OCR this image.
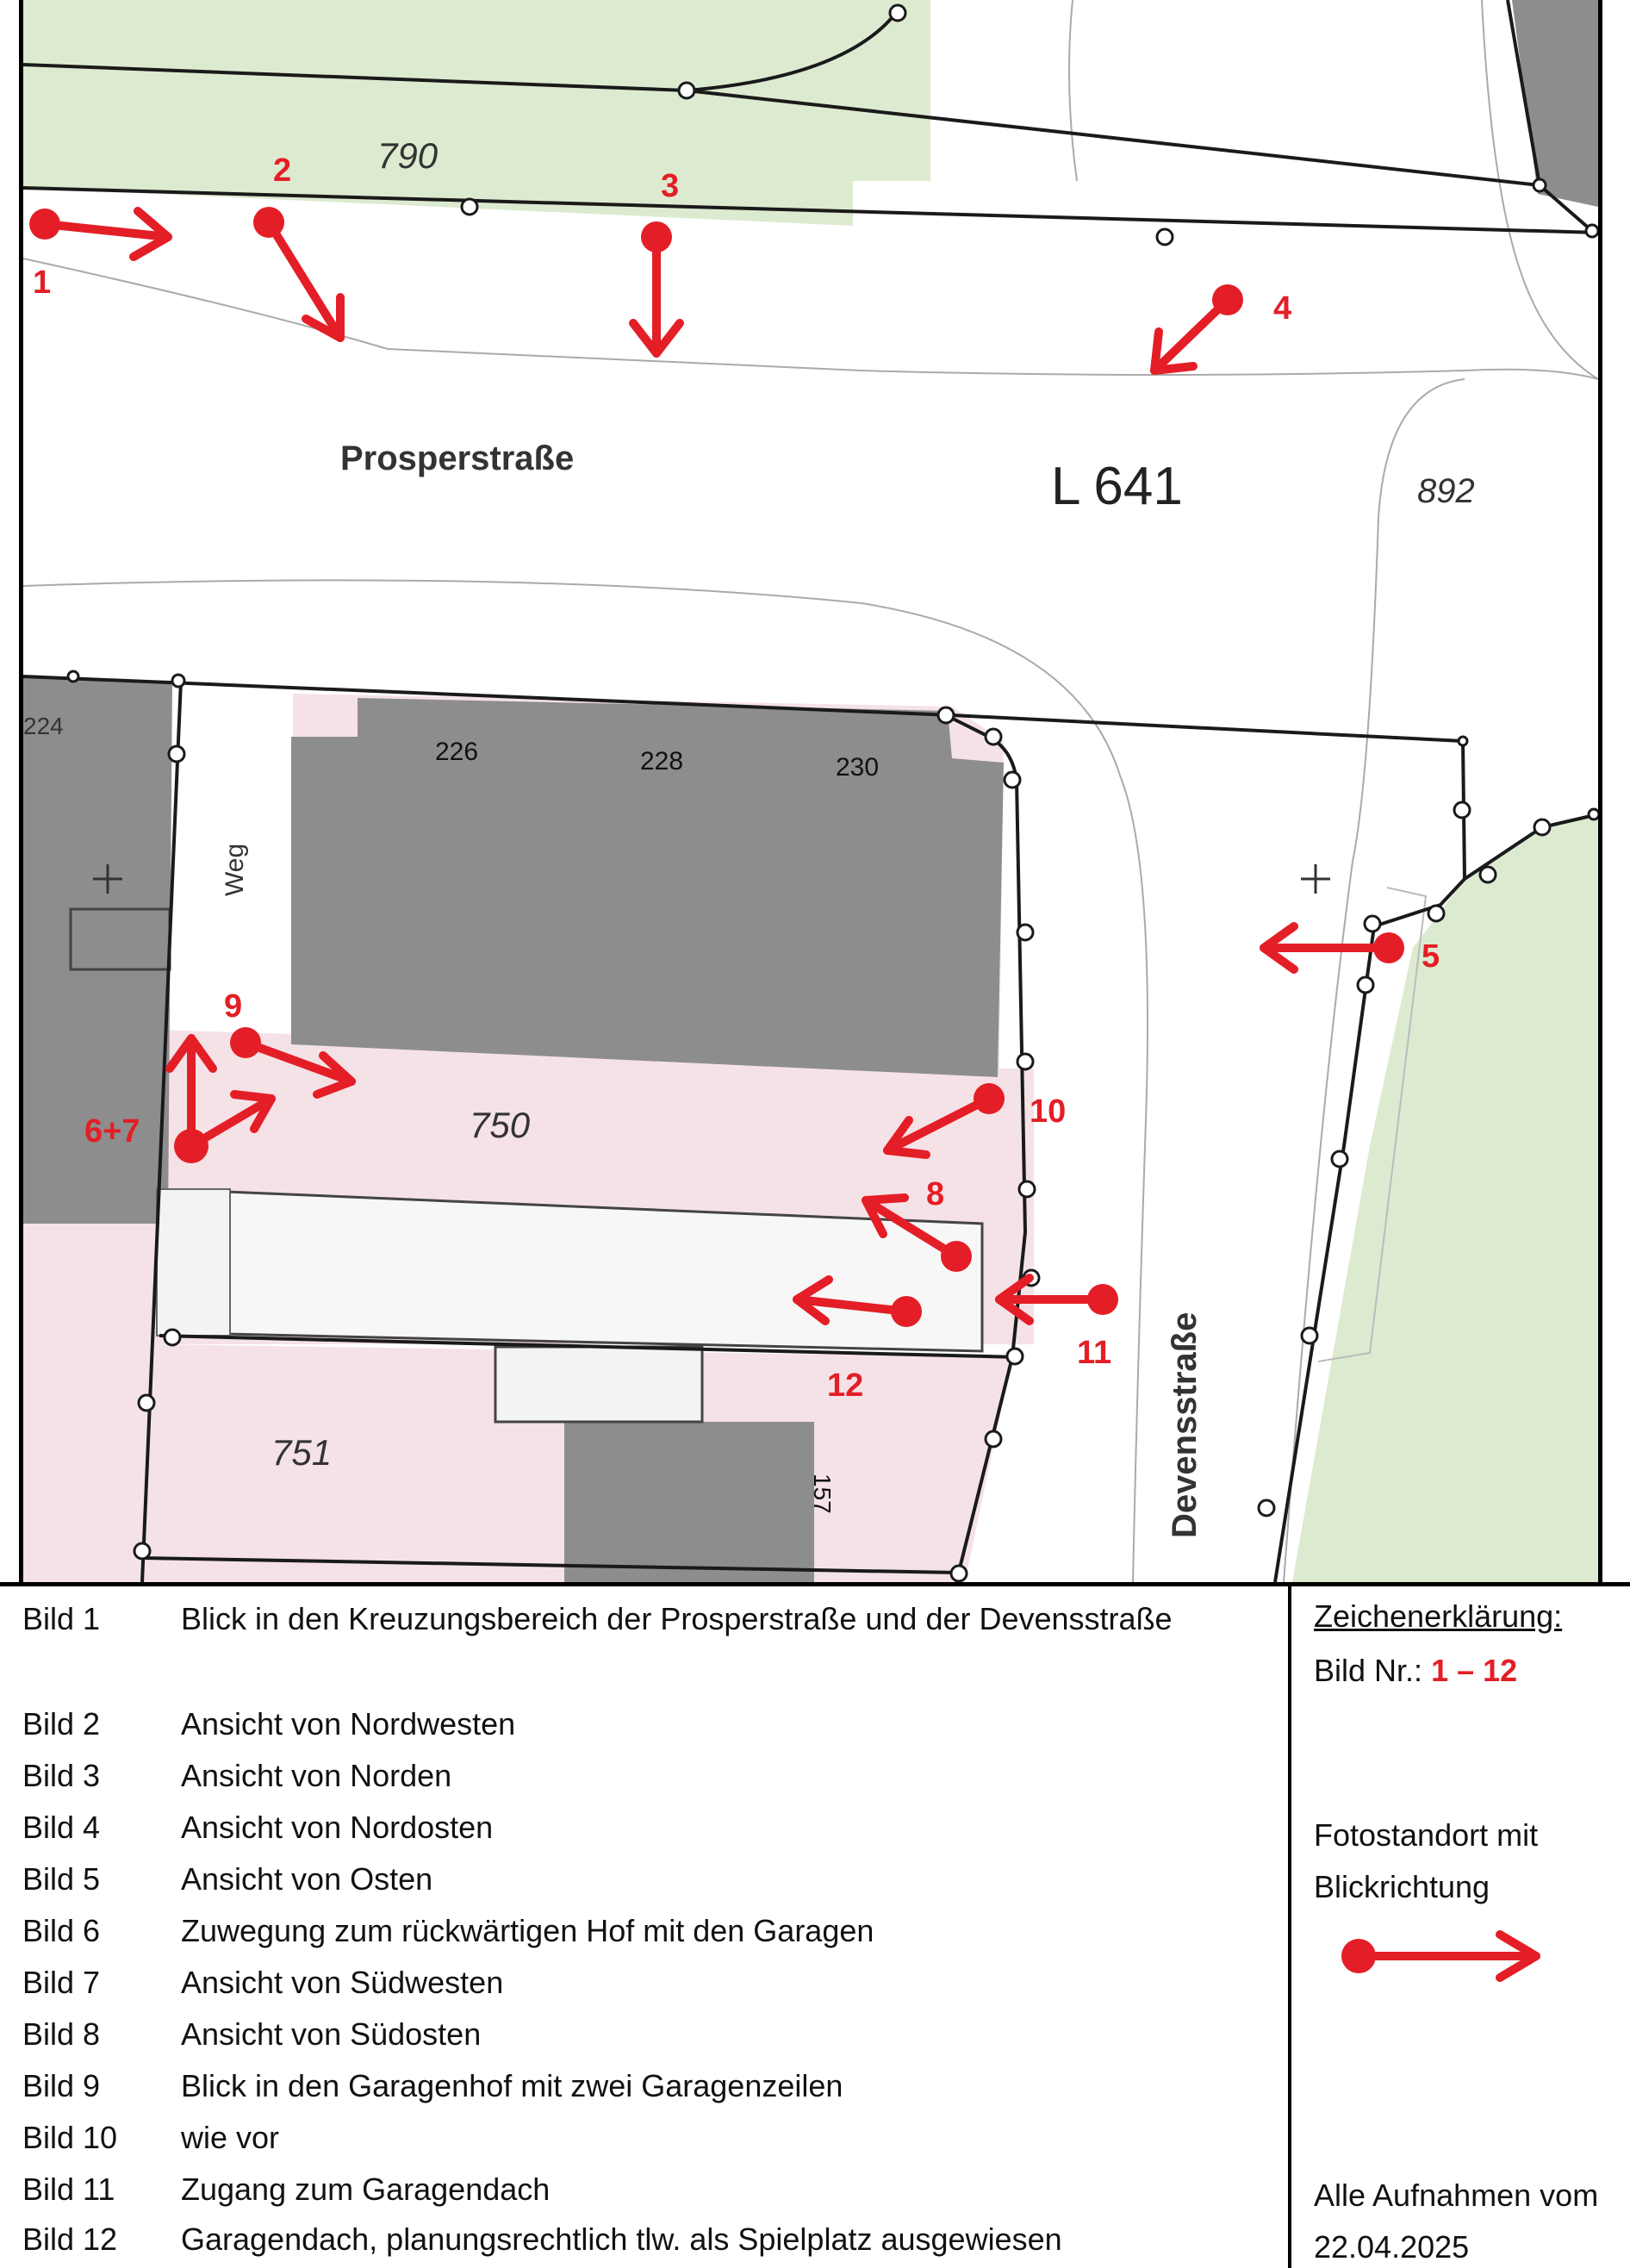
790
892
750
751
224
226	228	230
157
Prosperstraße	L 641
Devensstraße
Weg
1
2	3
4
5
6+7
8
9
10
11
12
Bild 1	Blick in den Kreuzungsbereich der Prosperstraße und der Devensstraße
Bild 2	Ansicht von Nordwesten
Bild 3	Ansicht von Norden
Bild 4	Ansicht von Nordosten
Bild 5	Ansicht von Osten
Bild 6	Zuwegung zum rückwärtigen Hof mit den Garagen
Bild 7	Ansicht von Südwesten
Bild 8	Ansicht von Südosten
Bild 9	Blick in den Garagenhof mit zwei Garagenzeilen
Bild 10 wie vor
Bild 11 Zugang zum Garagendach
Bild 12 Garagendach, planungsrechtlich tlw. als Spielplatz ausgewiesen
Zeichenerklärung:
Bild Nr.: 1 – 12
Fotostandort mit Blickrichtung
Alle Aufnahmen vom 22.04.2025
